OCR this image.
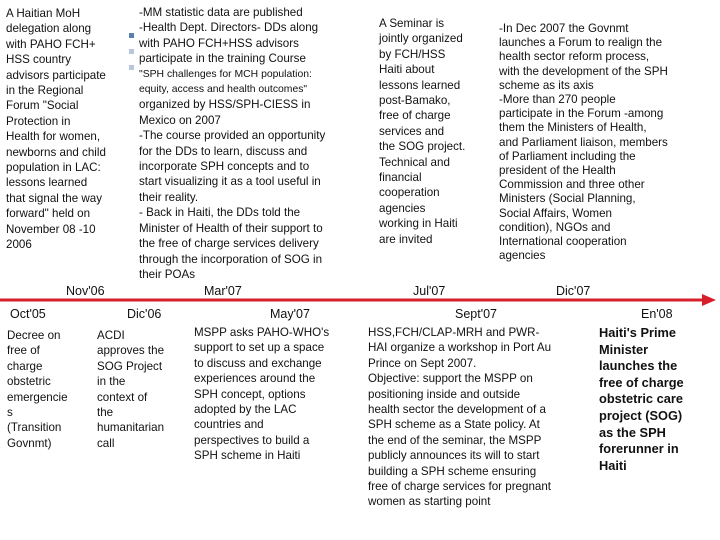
A Haitian MoH
delegation along
with PAHO FCH+
HSS country
advisors participate
in the Regional
Forum "Social
Protection in
Health for women,
newborns and child
population in LAC:
lessons learned
that signal the way
forward" held on
November 08 -10
2006
-MM statistic data are published
-Health Dept. Directors- DDs along
with PAHO FCH+HSS advisors
participate in the training Course
"SPH challenges for MCH population:
equity, access and health outcomes"
organized by HSS/SPH-CIESS in
Mexico on 2007
-The course provided an opportunity
for the DDs to learn, discuss and
incorporate SPH concepts and to
start visualizing it as a tool useful in
their reality.
- Back in Haiti, the DDs told the
Minister of Health of their support to
the free of charge services delivery
through the incorporation of SOG in
their POAs
A Seminar is
jointly organized
by FCH/HSS
Haiti about
lessons learned
post-Bamako,
free of charge
services and
the SOG project.
Technical and
financial
cooperation
agencies
working in Haiti
are invited
-In Dec 2007 the Govnmt
launches a Forum to realign the
health sector reform process,
with the development of the SPH
scheme as its axis
-More than 270 people
participate in the Forum -among
them the Ministers of Health,
and Parliament liaison, members
of Parliament including the
president of the Health
Commission and three other
Ministers (Social Planning,
Social Affairs, Women
condition), NGOs and
International cooperation
agencies
Nov'06	Mar'07	Jul'07	Dic'07
Oct'05	Dic'06	May'07	Sept'07	En'08
Decree on
free of
charge
obstetric
emergencie
s
(Transition
Govnmt)
ACDI
approves the
SOG Project
in the
context of
the
humanitarian
call
MSPP asks PAHO-WHO's
support to set up a space
to discuss and exchange
experiences around the
SPH concept, options
adopted by the LAC
countries and
perspectives to build a
SPH scheme in Haiti
HSS,FCH/CLAP-MRH and PWR-
HAI organize a workshop in Port Au
Prince on Sept 2007.
Objective: support the MSPP on
positioning inside and outside
health sector the development of a
SPH scheme as a State policy. At
the end of the seminar, the MSPP
publicly announces its will to start
building a SPH scheme ensuring
free of charge services for pregnant
women as starting point
Haiti's Prime
Minister
launches the
free of charge
obstetric care
project (SOG)
as the SPH
forerunner in
Haiti
